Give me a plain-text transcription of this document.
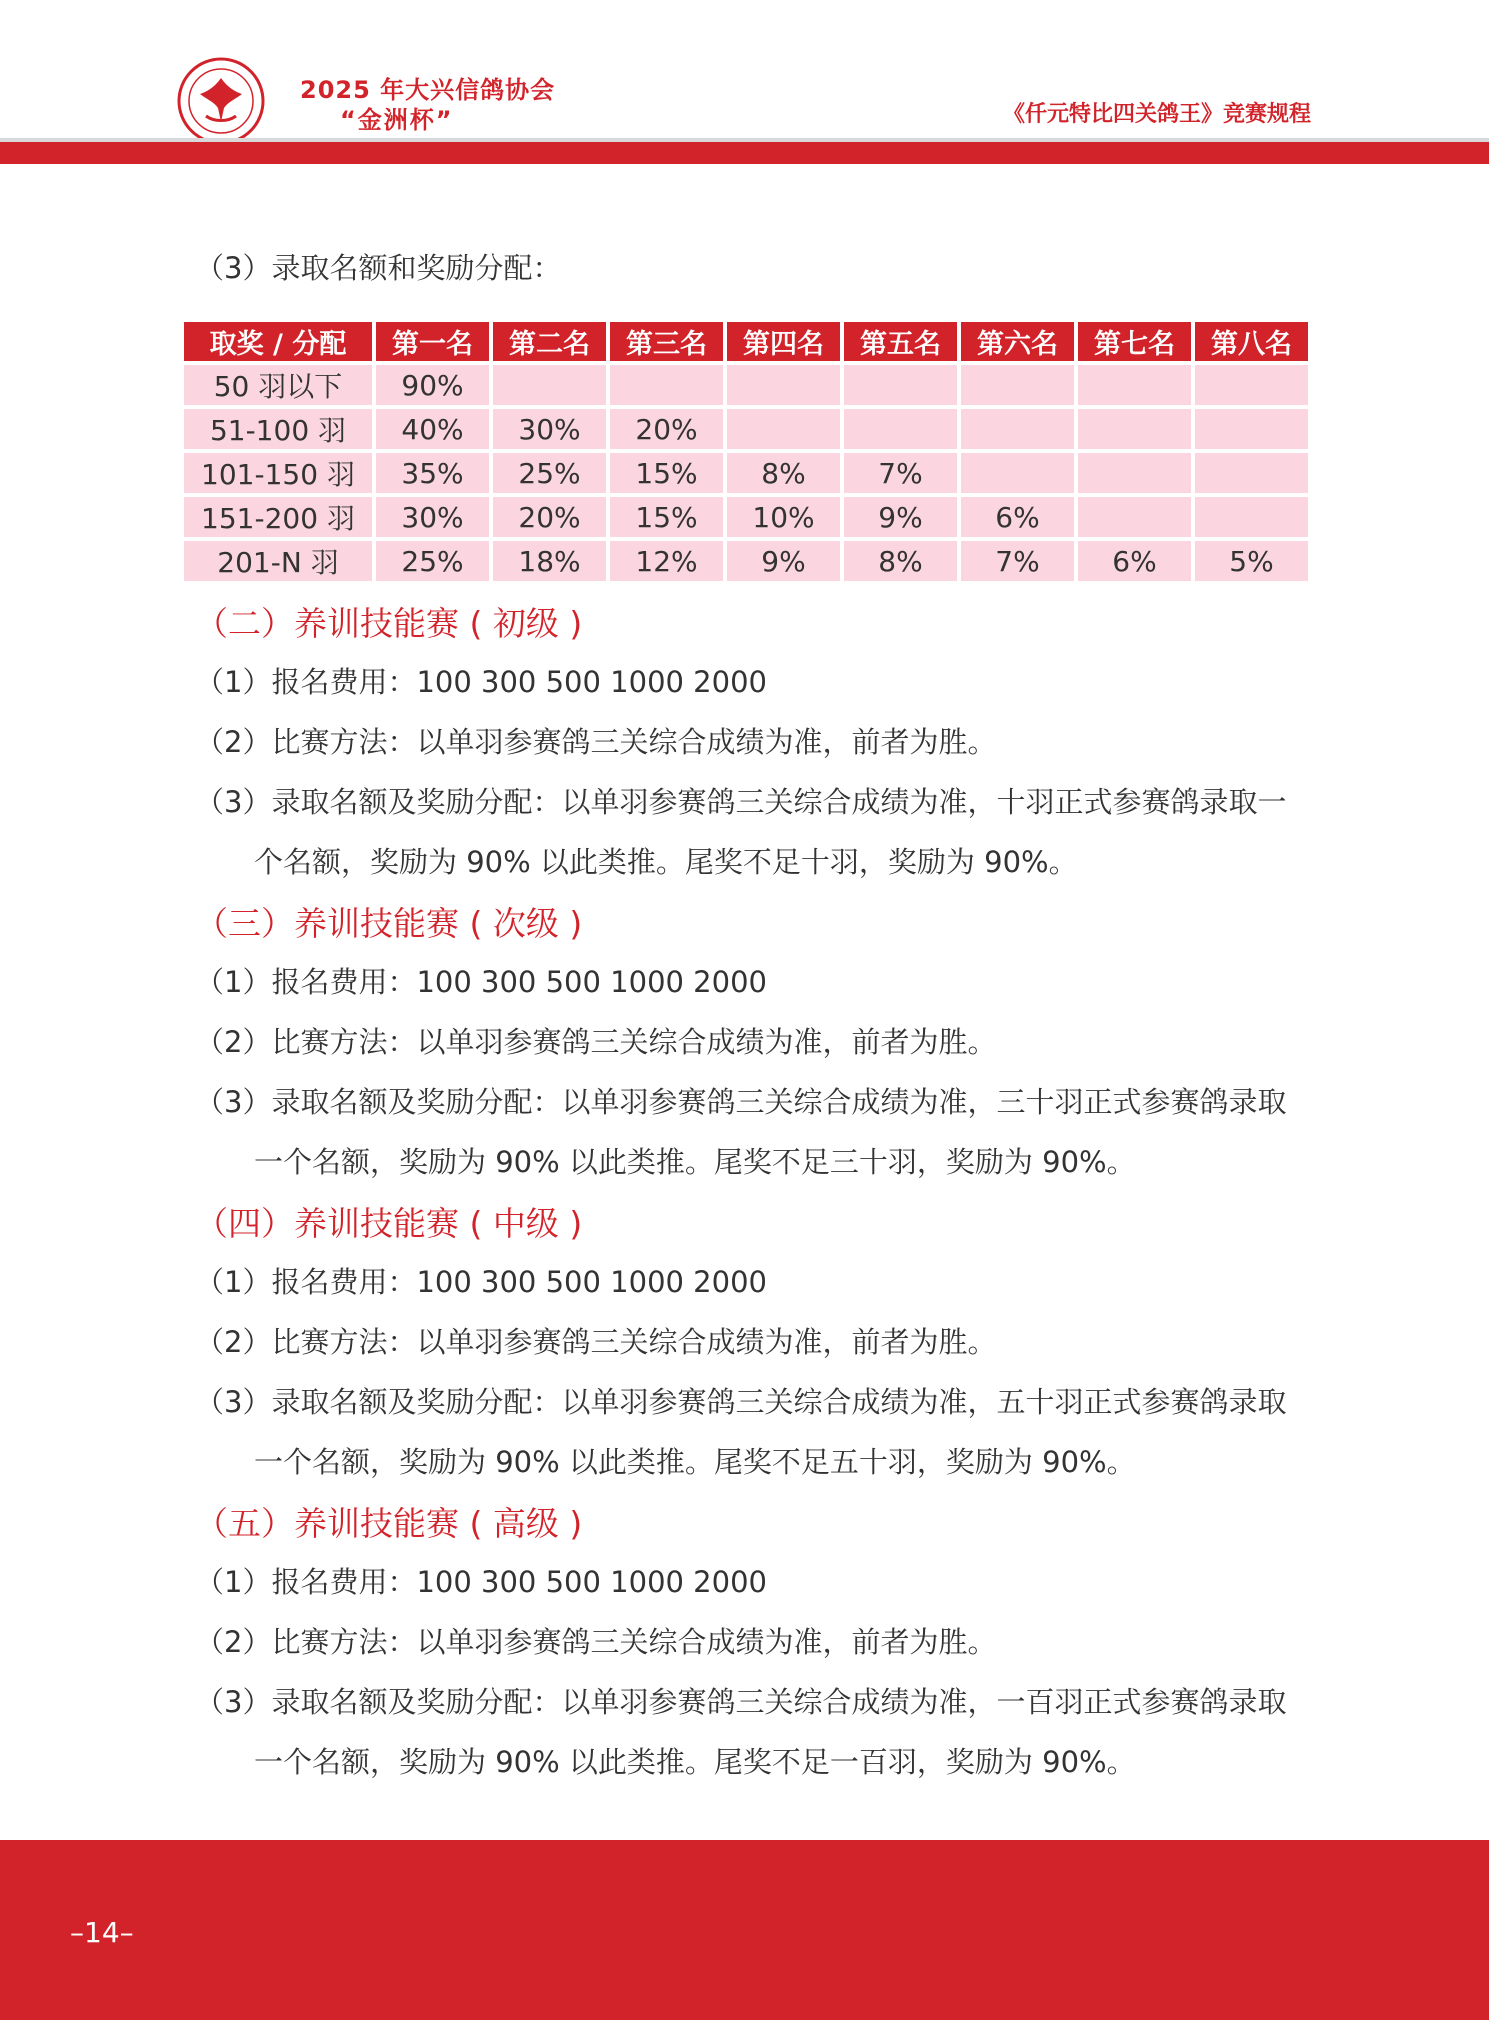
2025 年大兴信鸽协会
“金洲杯”	《仟元特比四关鸽王》竞赛规程
（3）录取名额和奖励分配：
取奖 / 分配	第一名	第二名	第三名	第四名	第五名	第六名	第七名	第八名
50 羽以下	90%							
51-100 羽	40%	30%	20%					
101-150 羽	35%	25%	15%	8%	7%			
151-200 羽	30%	20%	15%	10%	9%	6%		
201-N 羽	25%	18%	12%	9%	8%	7%	6%	5%
（二）养训技能赛 ( 初级 )
（1）报名费用：100 300 500 1000 2000
（2）比赛方法：以单羽参赛鸽三关综合成绩为准，前者为胜。
（3）录取名额及奖励分配：以单羽参赛鸽三关综合成绩为准，十羽正式参赛鸽录取一
个名额，奖励为 90% 以此类推。尾奖不足十羽，奖励为 90%。
（三）养训技能赛 ( 次级 )
（1）报名费用：100 300 500 1000 2000
（2）比赛方法：以单羽参赛鸽三关综合成绩为准，前者为胜。
（3）录取名额及奖励分配：以单羽参赛鸽三关综合成绩为准，三十羽正式参赛鸽录取
一个名额，奖励为 90% 以此类推。尾奖不足三十羽，奖励为 90%。
（四）养训技能赛 ( 中级 )
（1）报名费用：100 300 500 1000 2000
（2）比赛方法：以单羽参赛鸽三关综合成绩为准，前者为胜。
（3）录取名额及奖励分配：以单羽参赛鸽三关综合成绩为准，五十羽正式参赛鸽录取
一个名额，奖励为 90% 以此类推。尾奖不足五十羽，奖励为 90%。
（五）养训技能赛 ( 高级 )
（1）报名费用：100 300 500 1000 2000
（2）比赛方法：以单羽参赛鸽三关综合成绩为准，前者为胜。
（3）录取名额及奖励分配：以单羽参赛鸽三关综合成绩为准，一百羽正式参赛鸽录取
一个名额，奖励为 90% 以此类推。尾奖不足一百羽，奖励为 90%。
–14–
